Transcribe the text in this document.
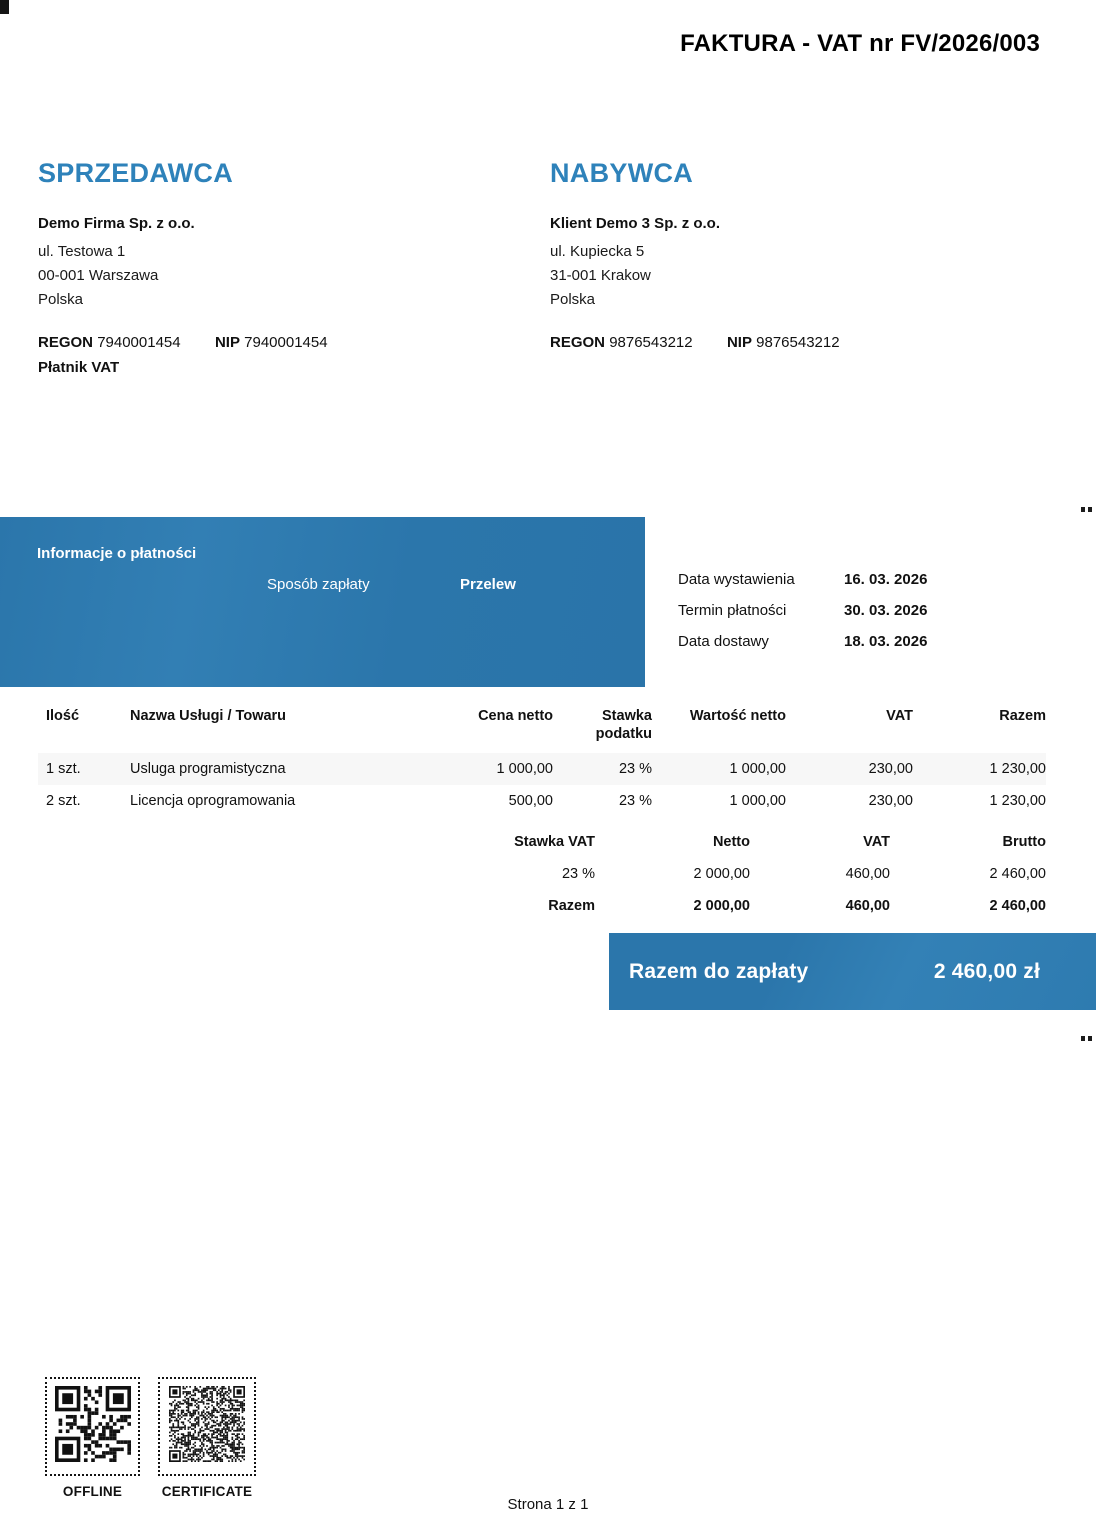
FAKTURA - VAT nr FV/2026/003
SPRZEDAWCA
Demo Firma Sp. z o.o.
ul. Testowa 1
00-001 Warszawa
Polska
REGON 7940001454 NIP 7940001454
Płatnik VAT
NABYWCA
Klient Demo 3 Sp. z o.o.
ul. Kupiecka 5
31-001 Krakow
Polska
REGON 9876543212 NIP 9876543212
Informacje o płatności
Sposób zapłaty	Przelew	Data wystawienia	16. 03. 2026
Termin płatności	30. 03. 2026
Data dostawy	18. 03. 2026
Ilość	Nazwa Usługi / Towaru	Cena netto	Stawka podatku	Wartość netto	VAT	Razem
1 szt.	Usluga programistyczna	1 000,00	23 %	1 000,00	230,00	1 230,00
2 szt.	Licencja oprogramowania	500,00	23 %	1 000,00	230,00	1 230,00
Stawka VAT	Netto	VAT	Brutto
23 %	2 000,00	460,00	2 460,00
Razem	2 000,00	460,00	2 460,00
Razem do zapłaty	2 460,00 zł
OFFLINE	CERTIFICATE
Strona 1 z 1
